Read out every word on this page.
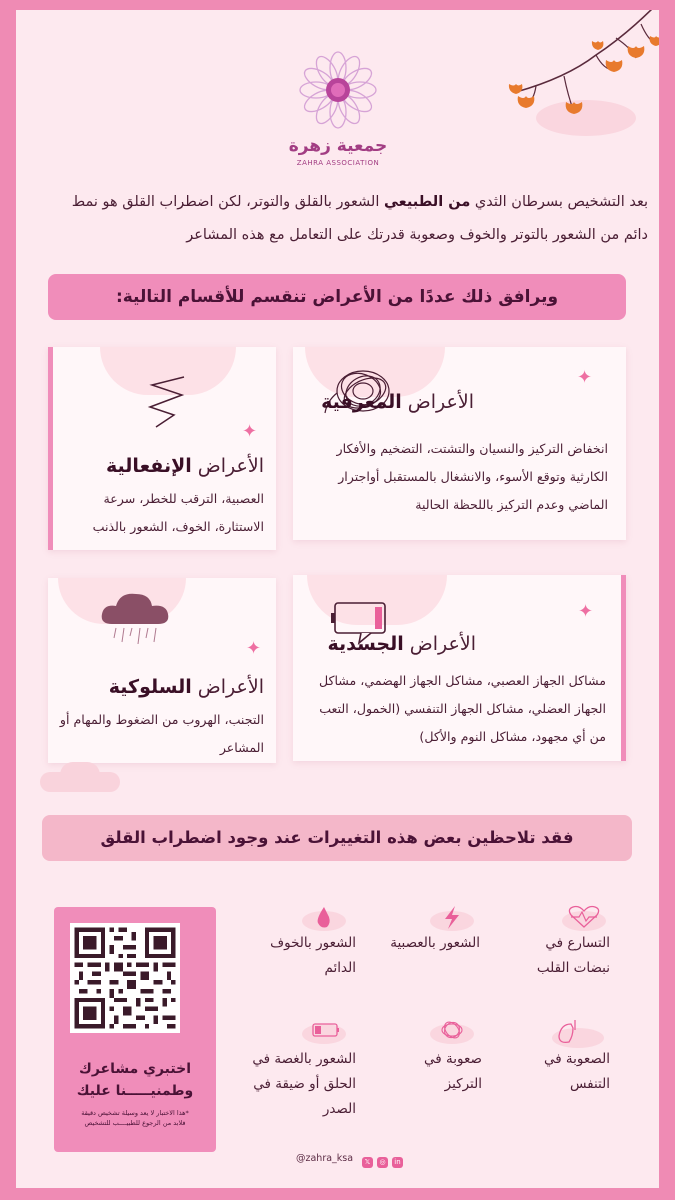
جمعية زهرة
ZAHRA ASSOCIATION
بعد التشخيص بسرطان الثدي من الطبيعي الشعور بالقلق والتوتر، لكن اضطراب القلق هو نمط دائم من الشعور بالتوتر والخوف وصعوبة قدرتك على التعامل مع هذه المشاعر
ويرافق ذلك عددًا من الأعراض تنقسم للأقسام التالية:
✦
الأعراض المعرفية
انخفاض التركيز والنسيان والتشتت، التضخيم والأفكار الكارثية وتوقع الأسوء، والانشغال بالمستقبل أواجترار الماضي وعدم التركيز باللحظة الحالية
✦
الأعراض الإنفعالية
العصبية، الترقب للخطر، سرعة الاستثارة، الخوف، الشعور بالذنب
✦
الأعراض الجسدية
مشاكل الجهاز العصبي، مشاكل الجهاز الهضمي، مشاكل الجهاز العضلي، مشاكل الجهاز التنفسي (الخمول، التعب من أي مجهود، مشاكل النوم والأكل)
✦
الأعراض السلوكية
التجنب، الهروب من الضغوط والمهام أو المشاعر
فقد تلاحظين بعض هذه التغييرات عند وجود اضطراب القلق
التسارع في نبضات القلب
الشعور بالعصبية
الشعور بالخوف الدائم
الصعوبة في التنفس
صعوبة في التركيز
الشعور بالغصة في الحلق أو ضيقة في الصدر
اختبري مشاعرك
وطمنيـــــنا عليك
*هذا الاختبار لا يعد وسيلة تشخيص دقيقة
فلابد من الرجوع للطبيــــب للتشخيص
@zahra_ksa	𝕏	◎	in
